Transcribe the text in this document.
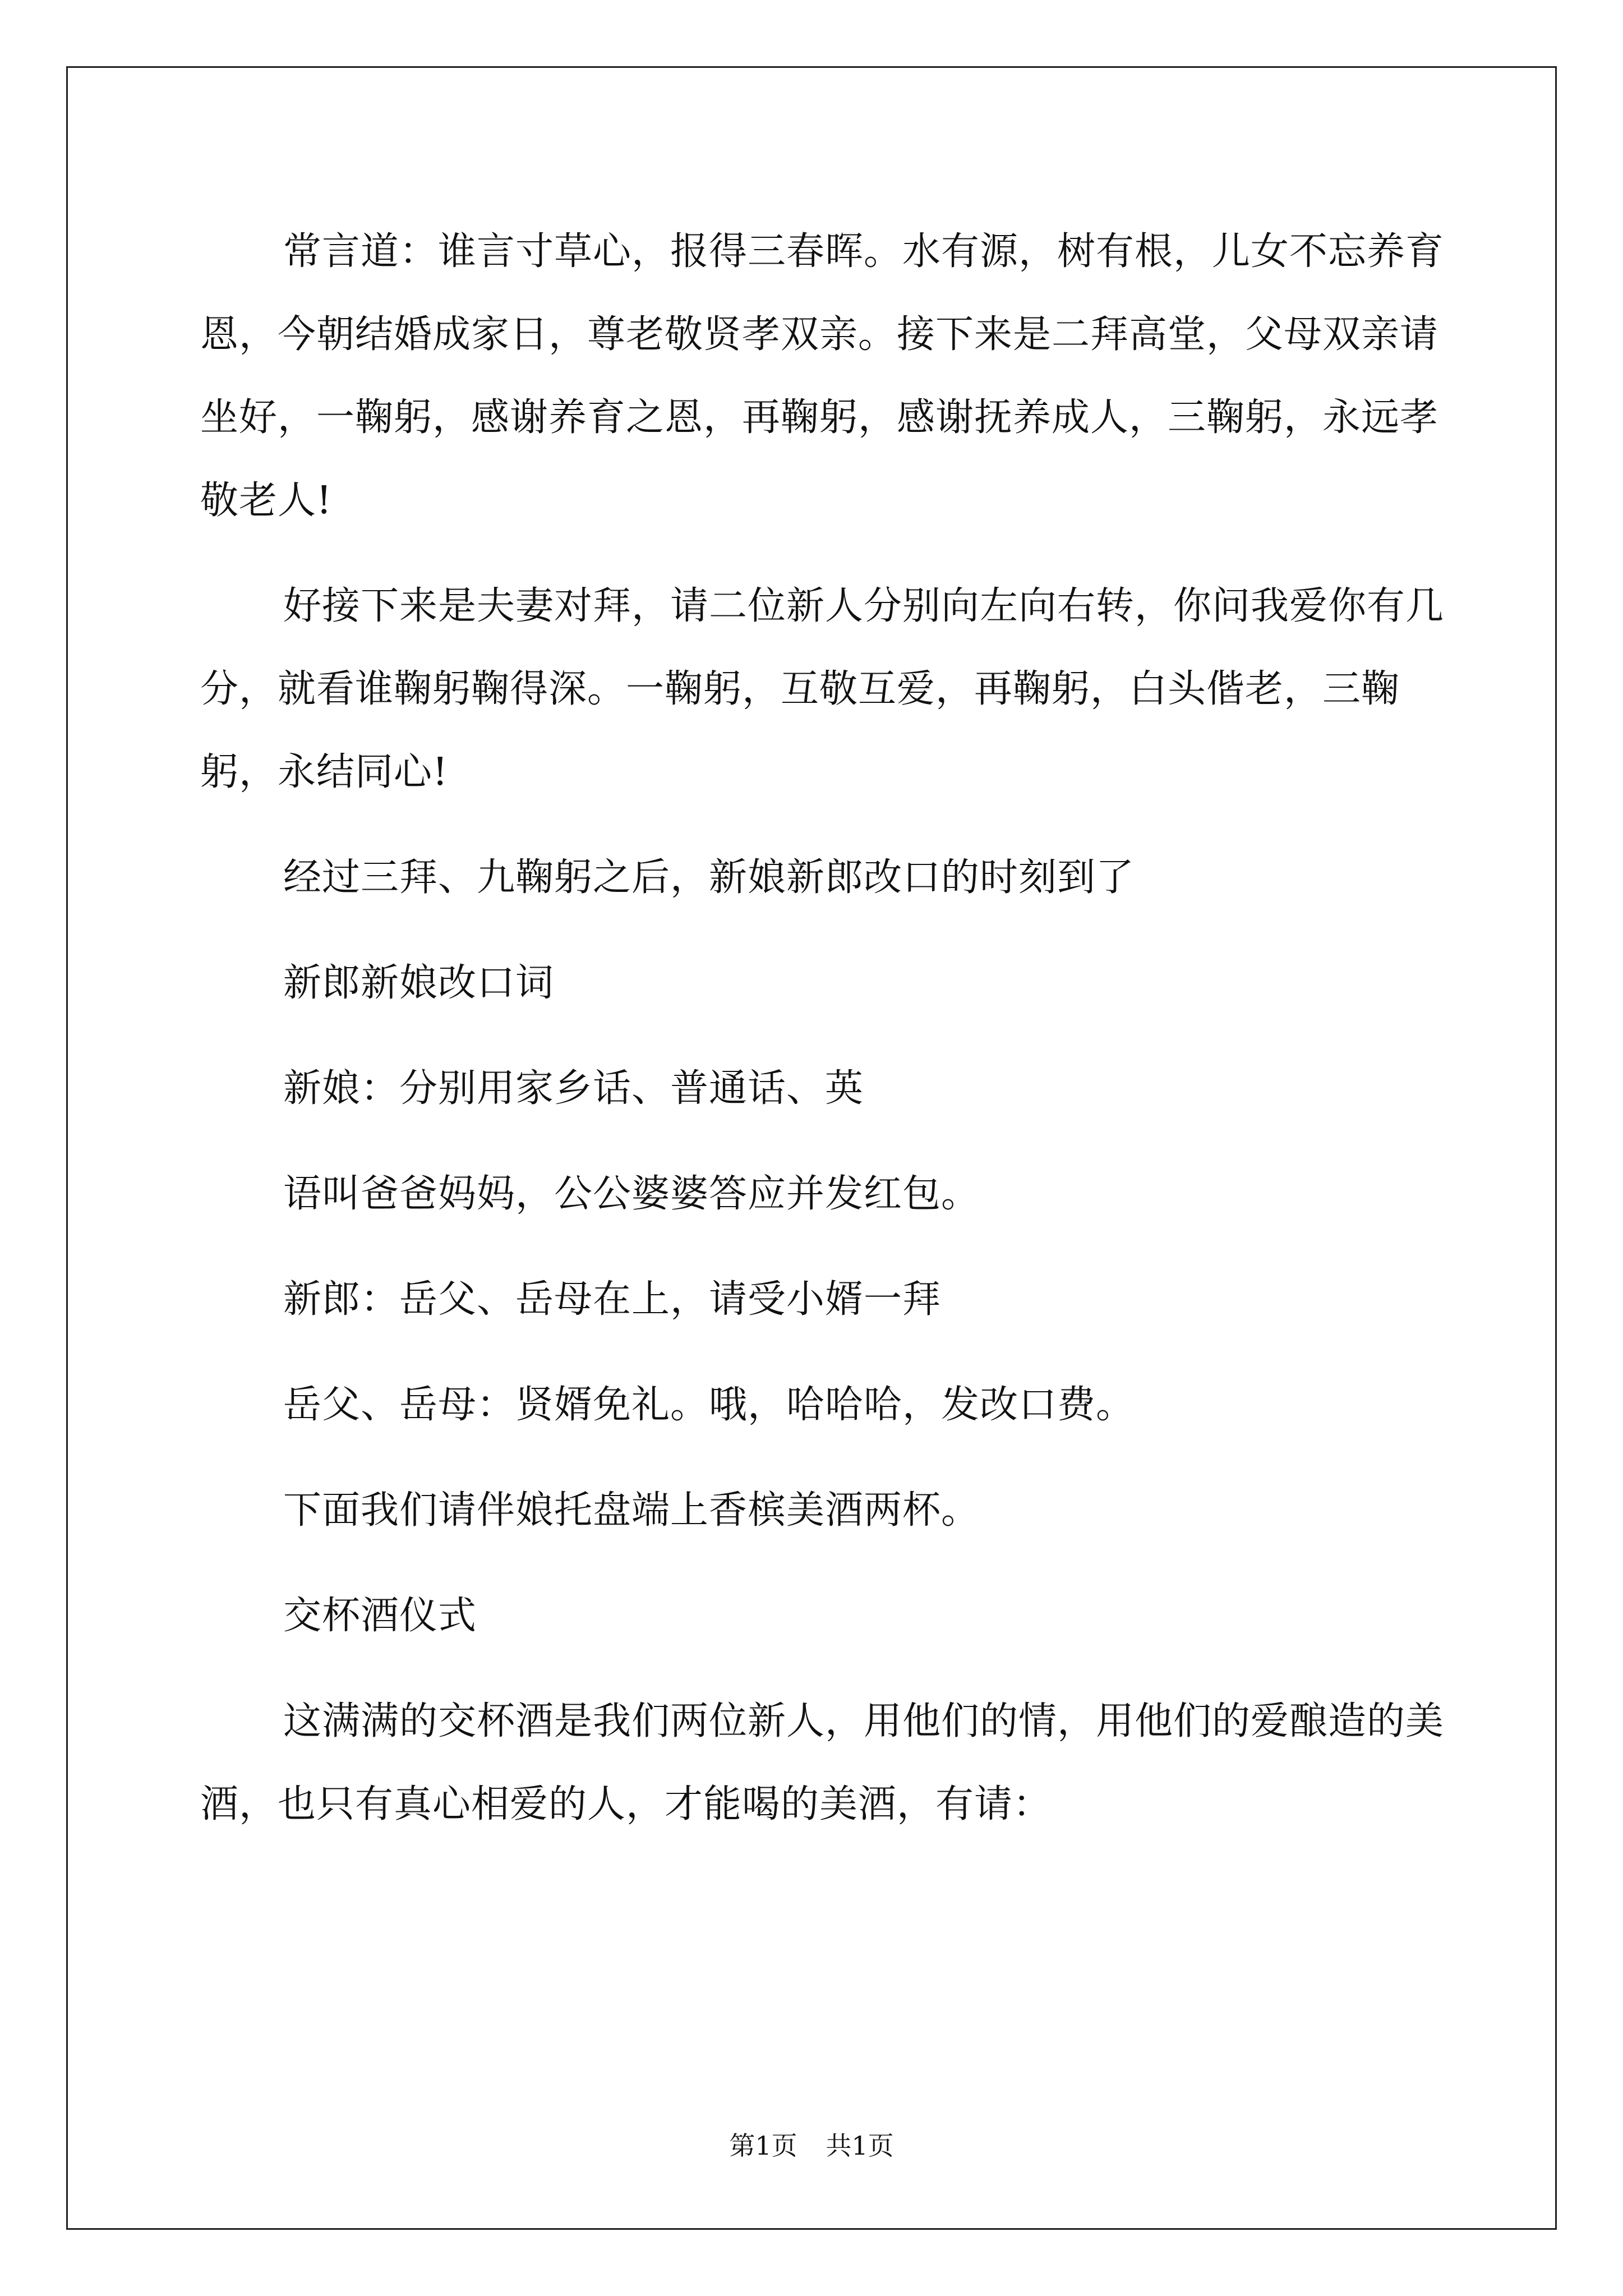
常言道：谁言寸草心，报得三春晖。水有源，树有根，儿女不忘养育恩，今朝结婚成家日，尊老敬贤孝双亲。接下来是二拜高堂，父母双亲请坐好，一鞠躬，感谢养育之恩，再鞠躬，感谢抚养成人，三鞠躬，永远孝敬老人!

好接下来是夫妻对拜，请二位新人分别向左向右转，你问我爱你有几分，就看谁鞠躬鞠得深。一鞠躬，互敬互爱，再鞠躬，白头偕老，三鞠躬，永结同心!

经过三拜、九鞠躬之后，新娘新郎改口的时刻到了

新郎新娘改口词

新娘：分别用家乡话、普通话、英

语叫爸爸妈妈，公公婆婆答应并发红包。

新郎：岳父、岳母在上，请受小婿一拜

岳父、岳母：贤婿免礼。哦，哈哈哈，发改口费。

下面我们请伴娘托盘端上香槟美酒两杯。

交杯酒仪式

这满满的交杯酒是我们两位新人，用他们的情，用他们的爱酿造的美酒，也只有真心相爱的人，才能喝的美酒，有请：

第1页 共1页
